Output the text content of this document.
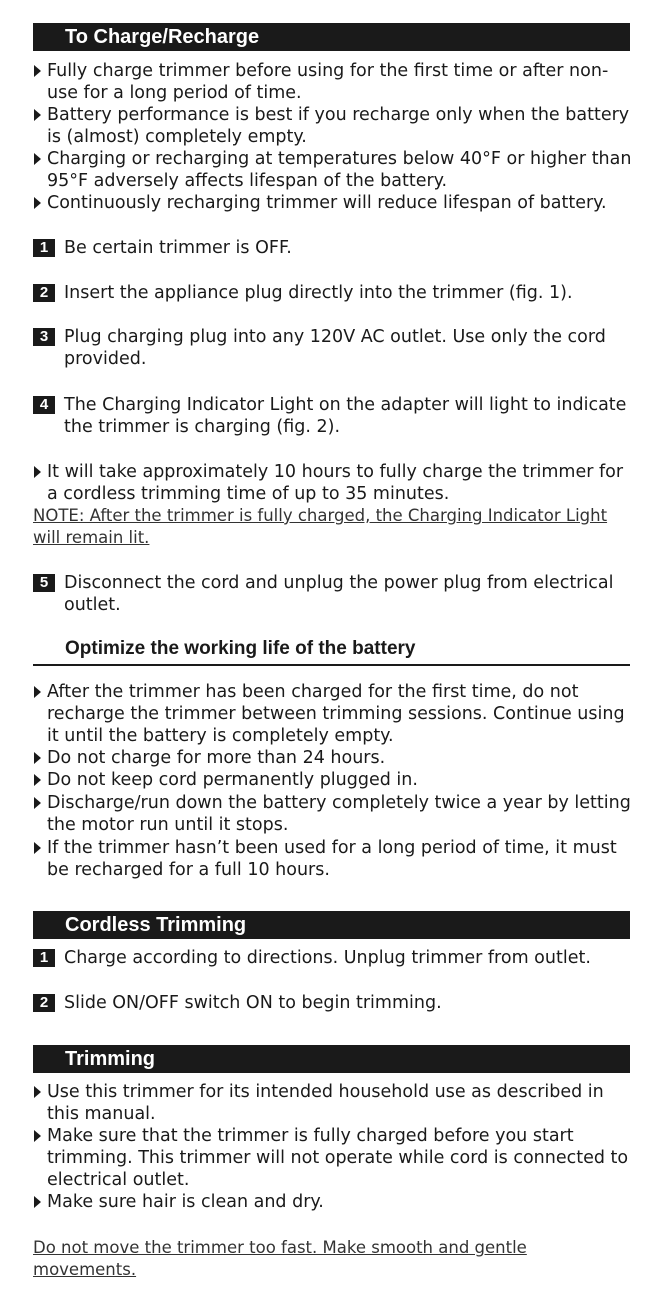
To Charge/Recharge
Fully charge trimmer before using for the first time or after non-use for a long period of time.
Battery performance is best if you recharge only when the battery is (almost) completely empty.
Charging or recharging at temperatures below 40°F or higher than 95°F adversely affects lifespan of the battery.
Continuously recharging trimmer will reduce lifespan of battery.
1 Be certain trimmer is OFF.
2 Insert the appliance plug directly into the trimmer (fig. 1).
3 Plug charging plug into any 120V AC outlet. Use only the cord provided.
4 The Charging Indicator Light on the adapter will light to indicate the trimmer is charging (fig. 2).
It will take approximately 10 hours to fully charge the trimmer for a cordless trimming time of up to 35 minutes.
NOTE: After the trimmer is fully charged, the Charging Indicator Light will remain lit.
5 Disconnect the cord and unplug the power plug from electrical outlet.
Optimize the working life of the battery
After the trimmer has been charged for the first time, do not recharge the trimmer between trimming sessions. Continue using it until the battery is completely empty.
Do not charge for more than 24 hours.
Do not keep cord permanently plugged in.
Discharge/run down the battery completely twice a year by letting the motor run until it stops.
If the trimmer hasn’t been used for a long period of time, it must be recharged for a full 10 hours.
Cordless Trimming
1 Charge according to directions. Unplug trimmer from outlet.
2 Slide ON/OFF switch ON to begin trimming.
Trimming
Use this trimmer for its intended household use as described in this manual.
Make sure that the trimmer is fully charged before you start trimming. This trimmer will not operate while cord is connected to electrical outlet.
Make sure hair is clean and dry.
Do not move the trimmer too fast. Make smooth and gentle movements.
